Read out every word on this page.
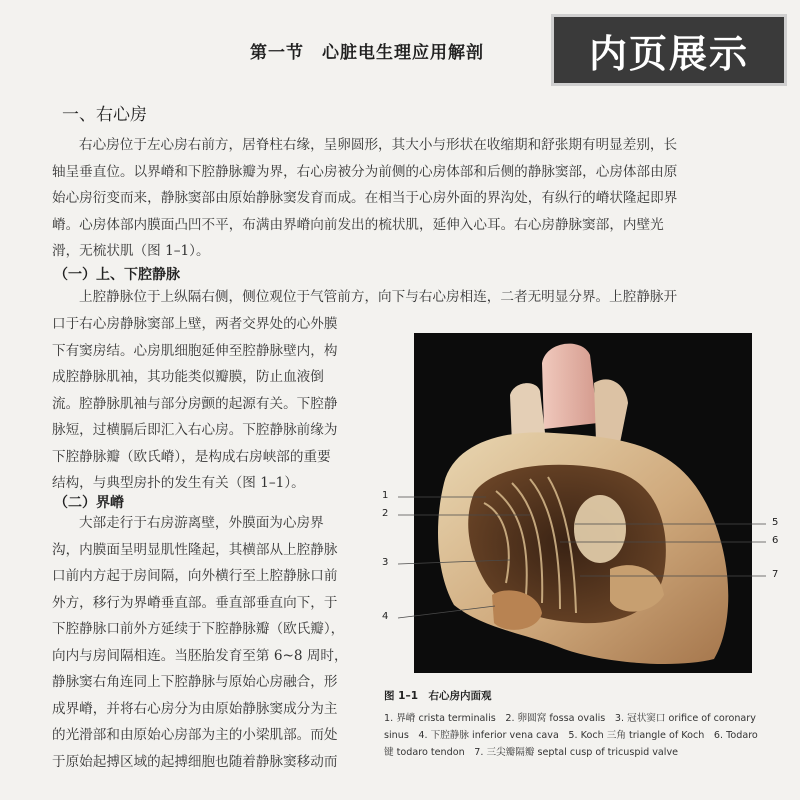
第一节　心脏电生理应用解剖	内页展示
一、右心房
右心房位于左心房右前方，居脊柱右缘，呈卵圆形，其大小与形状在收缩期和舒张期有明显差别，长
轴呈垂直位。以界嵴和下腔静脉瓣为界，右心房被分为前侧的心房体部和后侧的静脉窦部，心房体部由原
始心房衍变而来，静脉窦部由原始静脉窦发育而成。在相当于心房外面的界沟处，有纵行的嵴状隆起即界
嵴。心房体部内膜面凸凹不平，布满由界嵴向前发出的梳状肌，延伸入心耳。右心房静脉窦部，内壁光
滑，无梳状肌（图 1–1）。
（一）上、下腔静脉
上腔静脉位于上纵隔右侧，侧位观位于气管前方，向下与右心房相连，二者无明显分界。上腔静脉开
口于右心房静脉窦部上壁，两者交界处的心外膜
下有窦房结。心房肌细胞延伸至腔静脉壁内，构
成腔静脉肌袖，其功能类似瓣膜，防止血液倒
流。腔静脉肌袖与部分房颤的起源有关。下腔静
脉短，过横膈后即汇入右心房。下腔静脉前缘为
下腔静脉瓣（欧氏嵴），是构成右房峡部的重要
结构，与典型房扑的发生有关（图 1–1）。
（二）界嵴
大部走行于右房游离壁，外膜面为心房界
沟，内膜面呈明显肌性隆起，其横部从上腔静脉
口前内方起于房间隔，向外横行至上腔静脉口前
外方，移行为界嵴垂直部。垂直部垂直向下，于
下腔静脉口前外方延续于下腔静脉瓣（欧氏瓣），
向内与房间隔相连。当胚胎发育至第 6~8 周时，
静脉窦右角连同上下腔静脉与原始心房融合，形
成界嵴，并将右心房分为由原始静脉窦成分为主
的光滑部和由原始心房部为主的小梁肌部。而处
于原始起搏区域的起搏细胞也随着静脉窦移动而
1
2
3
4
5
6
7
图 1–1　右心房内面观
1. 界嵴 crista terminalis　2. 卵圆窝 fossa ovalis　3. 冠状窦口 orifice of coronary
sinus　4. 下腔静脉 inferior vena cava　5. Koch 三角 triangle of Koch　6. Todaro
键 todaro tendon　7. 三尖瓣隔瓣 septal cusp of tricuspid valve
